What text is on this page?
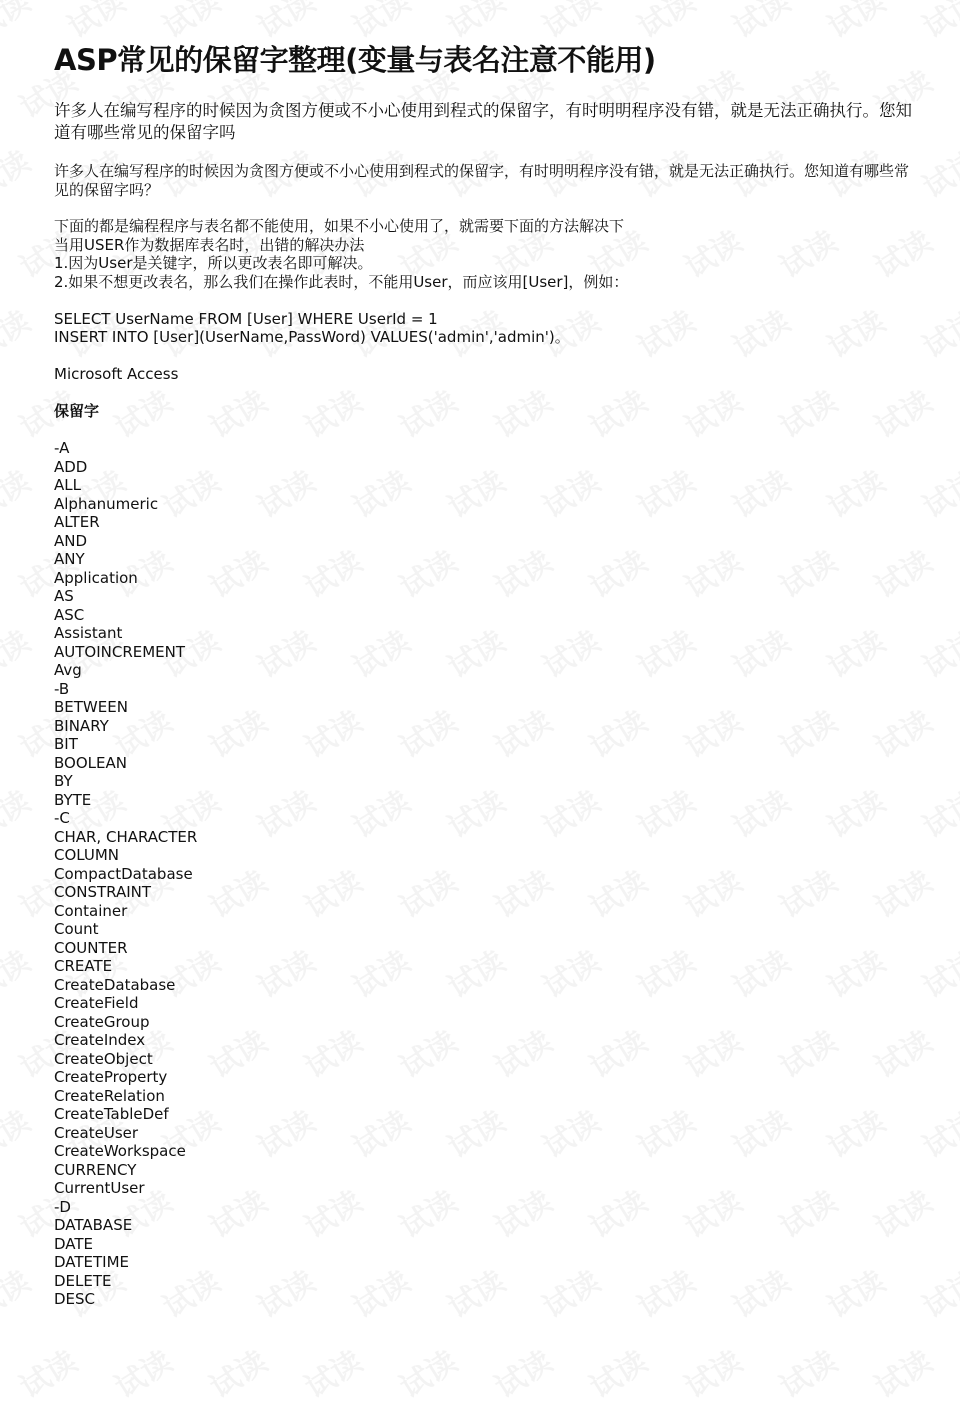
ASP常见的保留字整理(变量与表名注意不能用)
许多人在编写程序的时候因为贪图方便或不小心使用到程式的保留字，有时明明程序没有错，就是无法正确执行。您知道有哪些常见的保留字吗
许多人在编写程序的时候因为贪图方便或不小心使用到程式的保留字，有时明明程序没有错，就是无法正确执行。您知道有哪些常见的保留字吗？
下面的都是编程程序与表名都不能使用，如果不小心使用了，就需要下面的方法解决下
当用USER作为数据库表名时，出错的解决办法
1.因为User是关键字，所以更改表名即可解决。
2.如果不想更改表名，那么我们在操作此表时，不能用User，而应该用[User]，例如：
SELECT UserName FROM [User] WHERE UserId = 1
INSERT INTO [User](UserName,PassWord) VALUES('admin','admin')。
Microsoft Access
保留字
-A
ADD
ALL
Alphanumeric
ALTER
AND
ANY
Application
AS
ASC
Assistant
AUTOINCREMENT
Avg
-B
BETWEEN
BINARY
BIT
BOOLEAN
BY
BYTE
-C
CHAR, CHARACTER
COLUMN
CompactDatabase
CONSTRAINT
Container
Count
COUNTER
CREATE
CreateDatabase
CreateField
CreateGroup
CreateIndex
CreateObject
CreateProperty
CreateRelation
CreateTableDef
CreateUser
CreateWorkspace
CURRENCY
CurrentUser
-D
DATABASE
DATE
DATETIME
DELETE
DESC
